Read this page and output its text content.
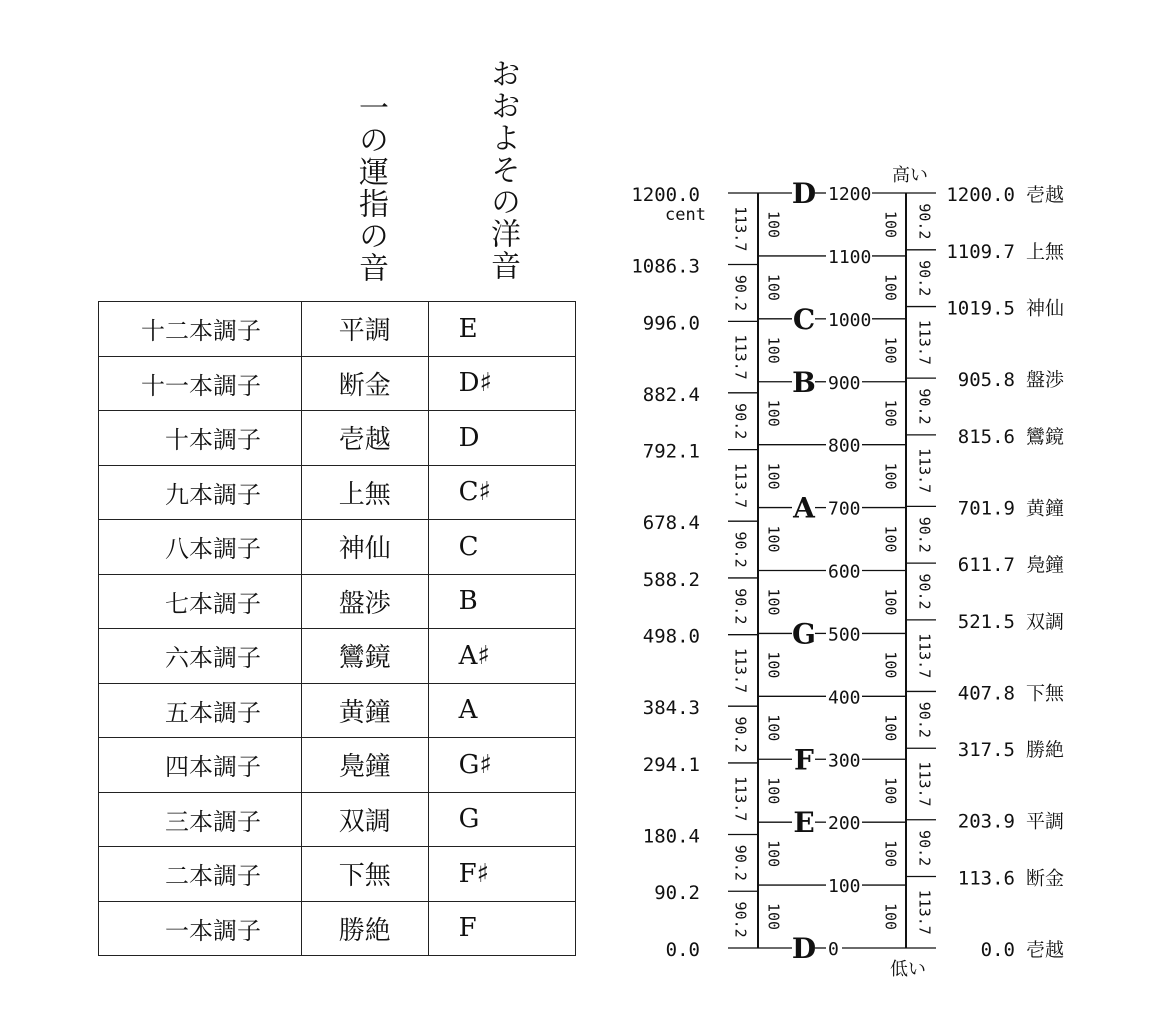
一の運指の音	おおよその洋音
十二本調子	平調	E
十一本調子	断金	D♯
十本調子	壱越	D
九本調子	上無	C♯
八本調子	神仙	C
七本調子	盤渉	B
六本調子	鸞鏡	A♯
五本調子	黄鐘	A
四本調子	鳧鐘	G♯
三本調子	双調	G
二本調子	下無	F♯
一本調子	勝絶	F
0.0
90.2
180.4
294.1
384.3
498.0
588.2
678.4
792.1
882.4
996.0
1086.3
1200.0
cent
90.2
90.2
113.7
90.2
113.7
90.2
90.2
113.7
90.2
113.7
90.2
113.7
100	100
100	100
100	100
100	100
100	100
100	100
100	100
100	100
100	100
100	100
100	100
100	100
D 0
100
E 200
F 300
400
G 500
600
A 700
800
B 900
C 1000
1100
D 1200
0.0 壱越
113.6 断金
203.9 平調
317.5 勝絶
407.8 下無
521.5 双調
611.7 鳧鐘
701.9 黄鐘
815.6 鸞鏡
905.8 盤渉
1019.5 神仙
1109.7 上無
1200.0 壱越
113.7
90.2
113.7
90.2
113.7
90.2
90.2
113.7
90.2
113.7
90.2
90.2
高い
低い
